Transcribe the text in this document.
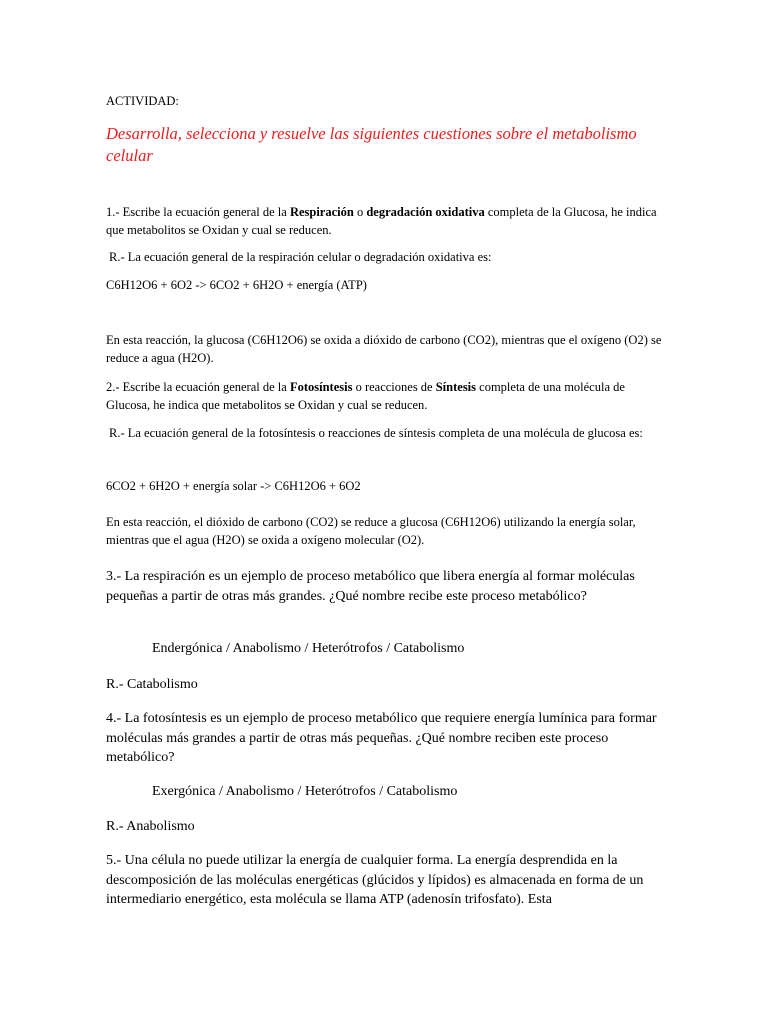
ACTIVIDAD:

Desarrolla, selecciona y resuelve las siguientes cuestiones sobre el metabolismo celular

1.- Escribe la ecuación general de la Respiración o degradación oxidativa completa de la Glucosa, he indica que metabolitos se Oxidan y cual se reducen.

R.- La ecuación general de la respiración celular o degradación oxidativa es:

C6H12O6 + 6O2 -> 6CO2 + 6H2O + energía (ATP)

En esta reacción, la glucosa (C6H12O6) se oxida a dióxido de carbono (CO2), mientras que el oxígeno (O2) se reduce a agua (H2O).

2.- Escribe la ecuación general de la Fotosíntesis o reacciones de Síntesis completa de una molécula de Glucosa, he indica que metabolitos se Oxidan y cual se reducen.

R.- La ecuación general de la fotosíntesis o reacciones de síntesis completa de una molécula de glucosa es:

6CO2 + 6H2O + energía solar -> C6H12O6 + 6O2

En esta reacción, el dióxido de carbono (CO2) se reduce a glucosa (C6H12O6) utilizando la energía solar, mientras que el agua (H2O) se oxida a oxígeno molecular (O2).

3.- La respiración es un ejemplo de proceso metabólico que libera energía al formar moléculas pequeñas a partir de otras más grandes. ¿Qué nombre recibe este proceso metabólico?

Endergónica / Anabolismo / Heterótrofos / Catabolismo

R.- Catabolismo

4.- La fotosíntesis es un ejemplo de proceso metabólico que requiere energía lumínica para formar moléculas más grandes a partir de otras más pequeñas. ¿Qué nombre reciben este proceso metabólico?

Exergónica / Anabolismo / Heterótrofos / Catabolismo

R.- Anabolismo

5.- Una célula no puede utilizar la energía de cualquier forma. La energía desprendida en la descomposición de las moléculas energéticas (glúcidos y lípidos) es almacenada en forma de un intermediario energético, esta molécula se llama ATP (adenosín trifosfato). Esta
